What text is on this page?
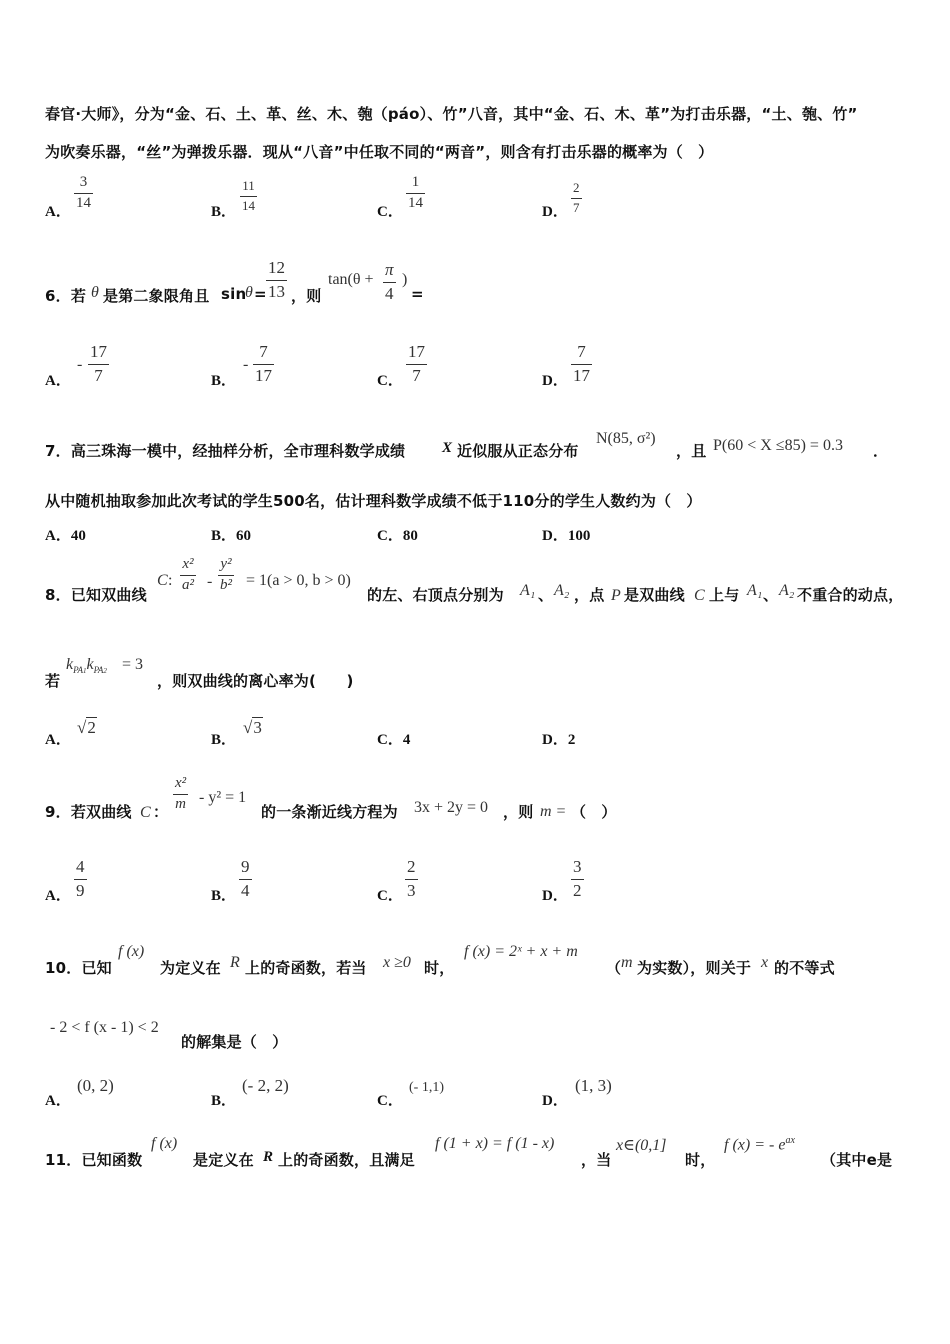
春官·大师》，分为“金、石、土、革、丝、木、匏（páo）、竹”八音，其中“金、石、木、革”为打击乐器，“土、匏、竹”
为吹奏乐器，“丝”为弹拨乐器．现从“八音”中任取不同的“两音”，则含有打击乐器的概率为（　）
A．
3
14
B．
11
14	C．
1
14
D．
2
7
6．若 θ 是第二象限角且 sin
θ =
12
13 ，则
tan(θ +
π
4
)
=
A．
-
17
7	B．
-
7
17	C．
17
7	D．
7
17
7．高三珠海一模中，经抽样分析，全市理科数学成绩 X 近似服从正态分布
N(85, σ²)
，且 P(60 < X ≤85) = 0.3 ．
从中随机抽取参加此次考试的学生500名，估计理科数学成绩不低于110分的学生人数约为（　）
A．40	B．60	C．80	D．100
8．已知双曲线
C :
x²
a² -
y²
b² = 1(a > 0, b > 0)
的左、右顶点分别为 A₁ 、 A₂ ，点 P 是双曲线 C 上与 A₁ 、 A₂ 不重合的动点，
若
$k_{PA1}k_{PA2} = 3$
，则双曲线的离心率为(　　)
A．
√2
B．
√3
C．4	D．2
9．若双曲线 C ：
x²
m - y² = 1
的一条渐近线方程为 3x + 2y = 0 ，则 m = （　）
A．
4
9	B．
9
4	C．
2
3	D．
3
2
10．已知
f (x)
为定义在 R 上的奇函数，若当 x ≥0 时，
f (x) = 2ˣ + x + m
（ m 为实数），则关于 x 的不等式
- 2 < f (x - 1) < 2
的解集是（　）
A．
(0, 2)
B．
(- 2, 2)
C．
(- 1,1)
D．
(1, 3)
11．已知函数
f (x)
是定义在 R 上的奇函数，且满足
f (1 + x) = f (1 - x)
，当
x∈(0,1]
时，
f (x) = - $e^{ax}$
（其中e是
